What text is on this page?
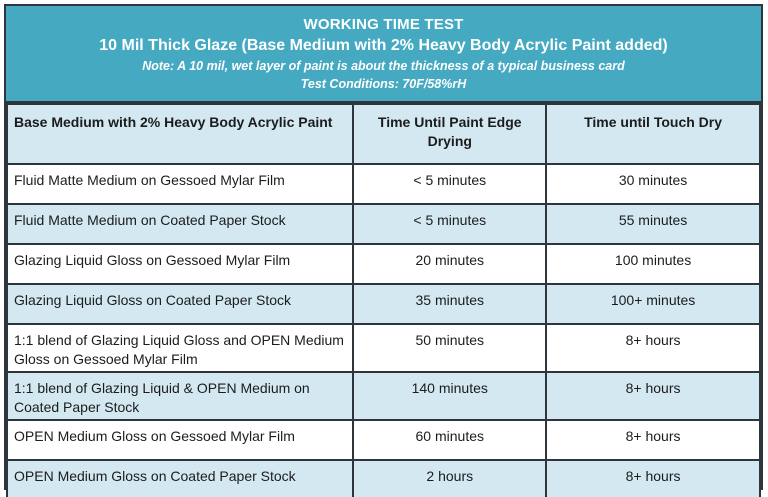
WORKING TIME TEST
10 Mil Thick Glaze (Base Medium with 2% Heavy Body Acrylic Paint added)
Note: A 10 mil, wet layer of paint is about the thickness of a typical business card
Test Conditions: 70F/58%rH
Base Medium with 2% Heavy Body Acrylic Paint	Time Until Paint Edge Drying	Time until Touch Dry
Fluid Matte Medium on Gessoed Mylar Film	< 5 minutes	30 minutes
Fluid Matte Medium on Coated Paper Stock	< 5 minutes	55 minutes
Glazing Liquid Gloss on Gessoed Mylar Film	20 minutes	100 minutes
Glazing Liquid Gloss on Coated Paper Stock	35 minutes	100+ minutes
1:1 blend of Glazing Liquid Gloss and OPEN Medium Gloss on Gessoed Mylar Film	50 minutes	8+ hours
1:1 blend of Glazing Liquid & OPEN Medium on Coated Paper Stock	140 minutes	8+ hours
OPEN Medium Gloss on Gessoed Mylar Film	60 minutes	8+ hours
OPEN Medium Gloss on Coated Paper Stock	2 hours	8+ hours
